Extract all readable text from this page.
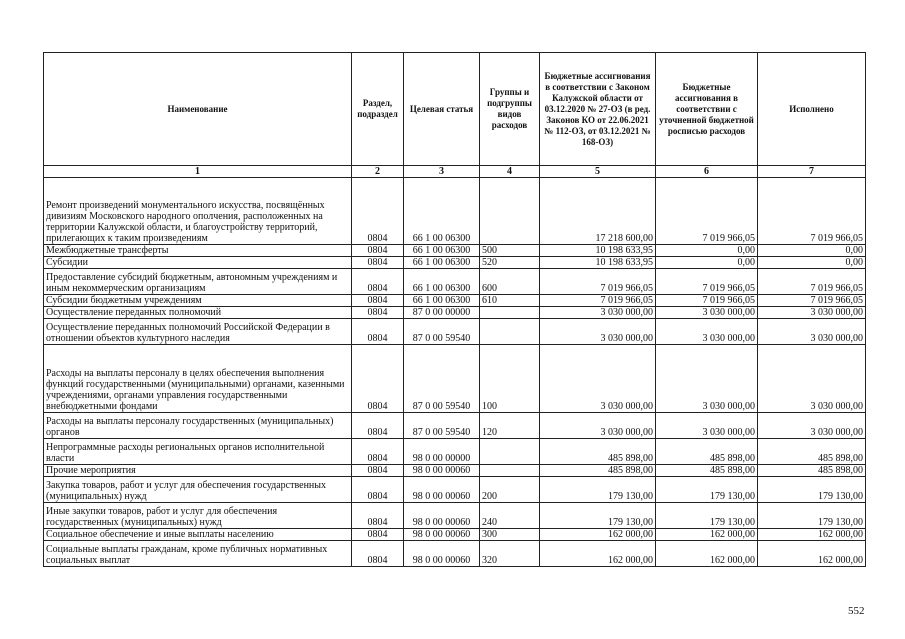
Наименование	Раздел, подраздел	Целевая статья	Группы и подгруппы видов расходов	Бюджетные ассигнования в соответствии с Законом Калужской области от 03.12.2020 № 27-ОЗ (в ред. Законов КО от 22.06.2021 № 112-ОЗ, от 03.12.2021 № 168-ОЗ)	Бюджетные ассигнования в соответствии с уточненной бюджетной росписью расходов	Исполнено
1	2	3	4	5	6	7
Ремонт произведений монументального искусства, посвящённых дивизиям Московского народного ополчения, расположенных на территории Калужской области, и благоустройству территорий, прилегающих к таким произведениям	0804	66 1 00 06300		17 218 600,00	7 019 966,05	7 019 966,05
Межбюджетные трансферты	0804	66 1 00 06300	500	10 198 633,95	0,00	0,00
Субсидии	0804	66 1 00 06300	520	10 198 633,95	0,00	0,00
Предоставление субсидий бюджетным, автономным учреждениям и иным некоммерческим организациям	0804	66 1 00 06300	600	7 019 966,05	7 019 966,05	7 019 966,05
Субсидии бюджетным учреждениям	0804	66 1 00 06300	610	7 019 966,05	7 019 966,05	7 019 966,05
Осуществление переданных полномочий	0804	87 0 00 00000		3 030 000,00	3 030 000,00	3 030 000,00
Осуществление переданных полномочий Российской Федерации в отношении объектов культурного наследия	0804	87 0 00 59540		3 030 000,00	3 030 000,00	3 030 000,00
Расходы на выплаты персоналу в целях обеспечения выполнения функций государственными (муниципальными) органами, казенными учреждениями, органами управления государственными внебюджетными фондами	0804	87 0 00 59540	100	3 030 000,00	3 030 000,00	3 030 000,00
Расходы на выплаты персоналу государственных (муниципальных) органов	0804	87 0 00 59540	120	3 030 000,00	3 030 000,00	3 030 000,00
Непрограммные расходы региональных органов исполнительной власти	0804	98 0 00 00000		485 898,00	485 898,00	485 898,00
Прочие мероприятия	0804	98 0 00 00060		485 898,00	485 898,00	485 898,00
Закупка товаров, работ и услуг для обеспечения государственных (муниципальных) нужд	0804	98 0 00 00060	200	179 130,00	179 130,00	179 130,00
Иные закупки товаров, работ и услуг для обеспечения государственных (муниципальных) нужд	0804	98 0 00 00060	240	179 130,00	179 130,00	179 130,00
Социальное обеспечение и иные выплаты населению	0804	98 0 00 00060	300	162 000,00	162 000,00	162 000,00
Социальные выплаты гражданам, кроме публичных нормативных социальных выплат	0804	98 0 00 00060	320	162 000,00	162 000,00	162 000,00
552
